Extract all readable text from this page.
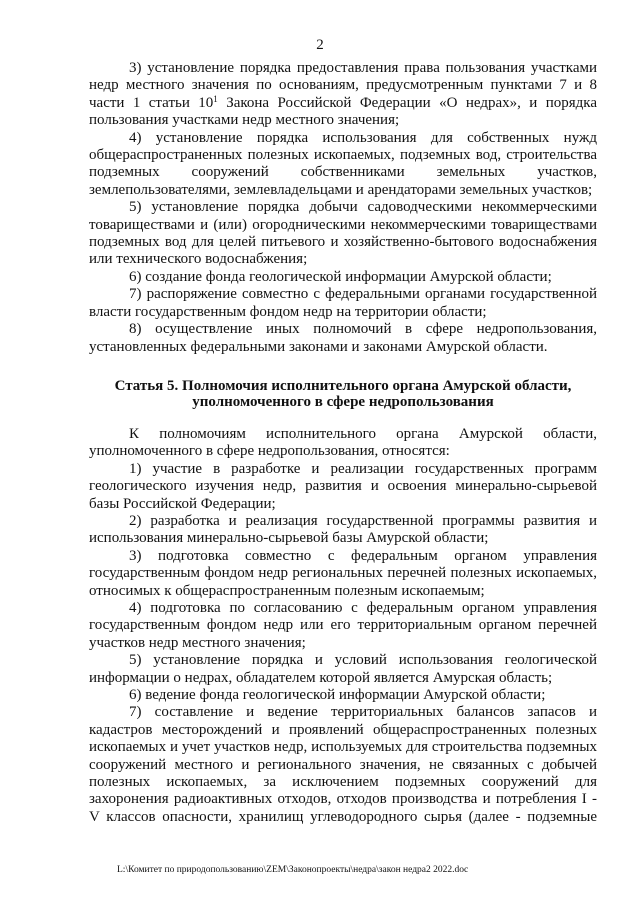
2

3) установление порядка предоставления права пользования участками недр местного значения по основаниям, предусмотренным пунктами 7 и 8 части 1 статьи $10^1$ Закона Российской Федерации «О недрах», и порядка пользования участками недр местного значения;

4) установление порядка использования для собственных нужд общераспространенных полезных ископаемых, подземных вод, строительства подземных сооружений собственниками земельных участков, землепользователями, землевладельцами и арендаторами земельных участков;

5) установление порядка добычи садоводческими некоммерческими товариществами и (или) огородническими некоммерческими товариществами подземных вод для целей питьевого и хозяйственно-бытового водоснабжения или технического водоснабжения;

6) создание фонда геологической информации Амурской области;

7) распоряжение совместно с федеральными органами государственной власти государственным фондом недр на территории области;

8) осуществление иных полномочий в сфере недропользования, установленных федеральными законами и законами Амурской области.

Статья 5. Полномочия исполнительного органа Амурской области,
уполномоченного в сфере недропользования

К полномочиям исполнительного органа Амурской области, уполномоченного в сфере недропользования, относятся:

1) участие в разработке и реализации государственных программ геологического изучения недр, развития и освоения минерально-сырьевой базы Российской Федерации;

2) разработка и реализация государственной программы развития и использования минерально-сырьевой базы Амурской области;

3) подготовка совместно с федеральным органом управления государственным фондом недр региональных перечней полезных ископаемых, относимых к общераспространенным полезным ископаемым;

4) подготовка по согласованию с федеральным органом управления государственным фондом недр или его территориальным органом перечней участков недр местного значения;

5) установление порядка и условий использования геологической информации о недрах, обладателем которой является Амурская область;

6) ведение фонда геологической информации Амурской области;

7) составление и ведение территориальных балансов запасов и кадастров месторождений и проявлений общераспространенных полезных ископаемых и учет участков недр, используемых для строительства подземных сооружений местного и регионального значения, не связанных с добычей полезных ископаемых, за исключением подземных сооружений для захоронения радиоактивных отходов, отходов производства и потребления I - V классов опасности, хранилищ углеводородного сырья (далее - подземные

L:\Комитет по природопользованию\ZEM\Законопроекты\недра\закон недра2 2022.doc
